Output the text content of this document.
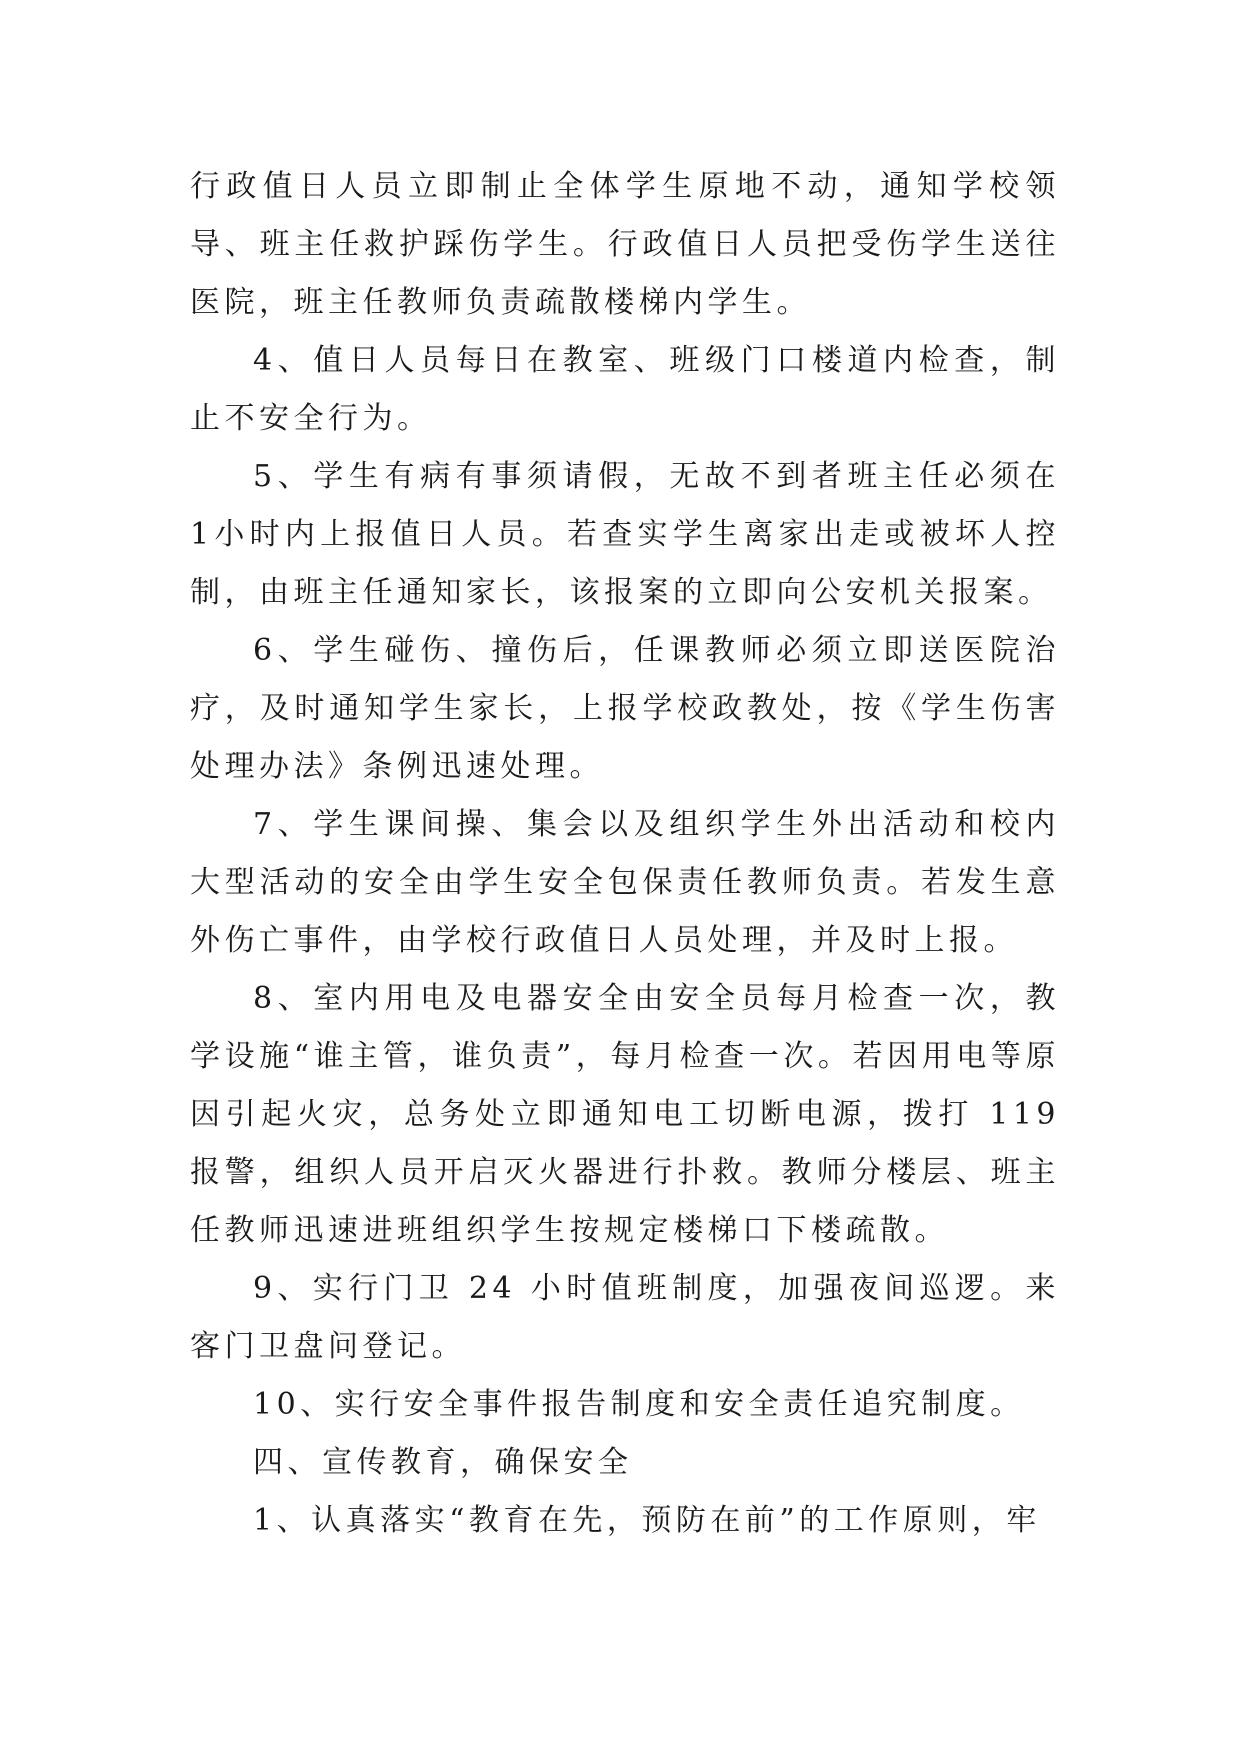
行政值日人员立即制止全体学生原地不动，通知学校领导、班主任救护踩伤学生。行政值日人员把受伤学生送往医院，班主任教师负责疏散楼梯内学生。

4、值日人员每日在教室、班级门口楼道内检查，制止不安全行为。

5、学生有病有事须请假，无故不到者班主任必须在 1小时内上报值日人员。若查实学生离家出走或被坏人控制，由班主任通知家长，该报案的立即向公安机关报案。

6、学生碰伤、撞伤后，任课教师必须立即送医院治疗，及时通知学生家长，上报学校政教处，按《学生伤害处理办法》条例迅速处理。

7、学生课间操、集会以及组织学生外出活动和校内大型活动的安全由学生安全包保责任教师负责。若发生意外伤亡事件，由学校行政值日人员处理，并及时上报。

8、室内用电及电器安全由安全员每月检查一次，教学设施“谁主管，谁负责”，每月检查一次。若因用电等原因引起火灾，总务处立即通知电工切断电源，拨打 119 报警，组织人员开启灭火器进行扑救。教师分楼层、班主任教师迅速进班组织学生按规定楼梯口下楼疏散。

9、实行门卫 24 小时值班制度，加强夜间巡逻。来客门卫盘问登记。

10、实行安全事件报告制度和安全责任追究制度。

四、宣传教育，确保安全

1、认真落实“教育在先，预防在前”的工作原则，牢
